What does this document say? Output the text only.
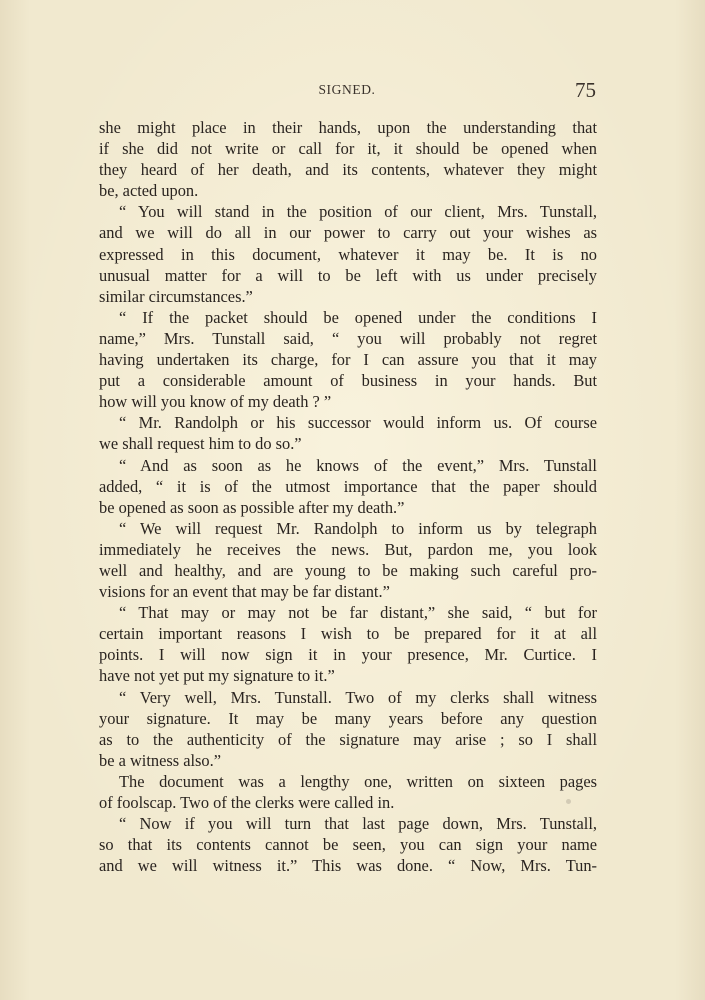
SIGNED.	75
she might place in their hands, upon the understanding that
if she did not write or call for it, it should be opened when
they heard of her death, and its contents, whatever they might
be, acted upon.
“ You will stand in the position of our client, Mrs. Tunstall,
and we will do all in our power to carry out your wishes as
expressed in this document, whatever it may be. It is no
unusual matter for a will to be left with us under precisely
similar circumstances.”
“ If the packet should be opened under the conditions I
name,” Mrs. Tunstall said, “ you will probably not regret
having undertaken its charge, for I can assure you that it may
put a considerable amount of business in your hands. But
how will you know of my death ? ”
“ Mr. Randolph or his successor would inform us. Of course
we shall request him to do so.”
“ And as soon as he knows of the event,” Mrs. Tunstall
added, “ it is of the utmost importance that the paper should
be opened as soon as possible after my death.”
“ We will request Mr. Randolph to inform us by telegraph
immediately he receives the news. But, pardon me, you look
well and healthy, and are young to be making such careful pro-
visions for an event that may be far distant.”
“ That may or may not be far distant,” she said, “ but for
certain important reasons I wish to be prepared for it at all
points. I will now sign it in your presence, Mr. Curtice. I
have not yet put my signature to it.”
“ Very well, Mrs. Tunstall. Two of my clerks shall witness
your signature. It may be many years before any question
as to the authenticity of the signature may arise ; so I shall
be a witness also.”
The document was a lengthy one, written on sixteen pages
of foolscap. Two of the clerks were called in.
“ Now if you will turn that last page down, Mrs. Tunstall,
so that its contents cannot be seen, you can sign your name
and we will witness it.” This was done. “ Now, Mrs. Tun-
